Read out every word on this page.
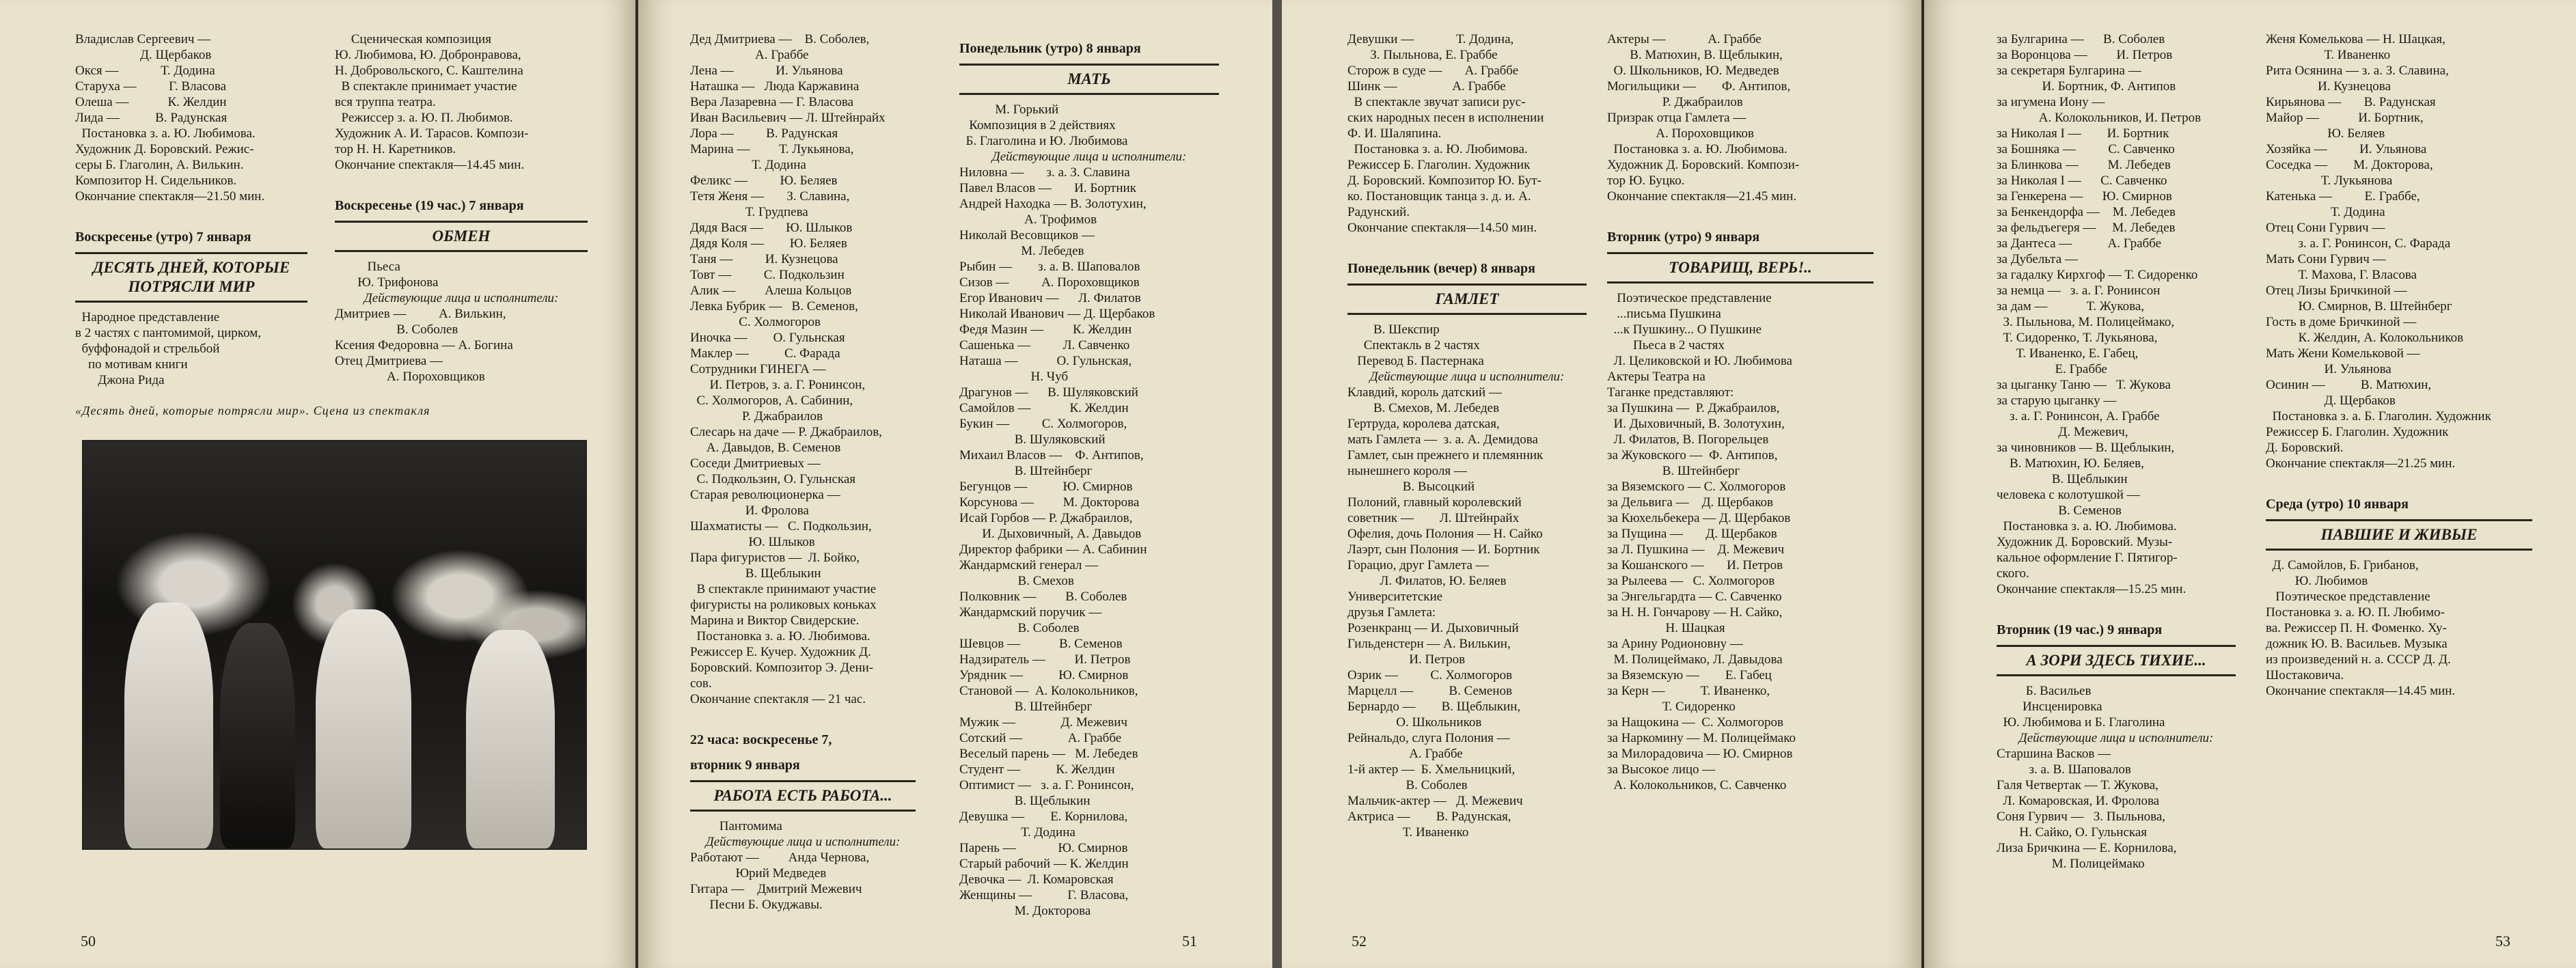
Владислав Сергеевич —
Д. Щербаков
Окся —             Т. Додина
Старуха —          Г. Власова
Олеша —            К. Желдин
Лида —           В. Радунская
Постановка з. а. Ю. Любимова.
Художник Д. Боровский. Режис-
серы Б. Глаголин, А. Вилькин.
Композитор Н. Сидельников.
Окончание спектакля—21.50 мин.
Воскресенье (утро) 7 января
ДЕСЯТЬ ДНЕЙ, КОТОРЫЕ ПОТРЯСЛИ МИР
Народное представление
в 2 частях с пантомимой, цирком,
буффонадой и стрельбой
по мотивам книги
Джона Рида
Сценическая композиция
Ю. Любимова, Ю. Добронравова,
Н. Добровольского, С. Каштелина
В спектакле принимает участие
вся труппа театра.
Режиссер з. а. Ю. П. Любимов.
Художник А. И. Тарасов. Компози-
тор Н. Н. Каретников.
Окончание спектакля—14.45 мин.
Воскресенье (19 час.) 7 января
ОБМЕН
Пьеса
Ю. Трифонова
Действующие лица и исполнители:
Дмитриев —          А. Вилькин,
В. Соболев
Ксения Федоровна — А. Богина
Отец Дмитриева —
А. Пороховщиков
«Десять дней, которые потрясли мир». Сцена из спектакля
50
Дед Дмитриева —    В. Соболев,
А. Граббе
Лена —             И. Ульянова
Наташка —   Люда Каржавина
Вера Лазаревна — Г. Власова
Иван Васильевич — Л. Штейнрайх
Лора —          В. Радунская
Марина —         Т. Лукьянова,
Т. Додина
Феликс —          Ю. Беляев
Тетя Женя —       З. Славина,
Т. Грудпева
Дядя Вася —       Ю. Шлыков
Дядя Коля —        Ю. Беляев
Таня —          И. Кузнецова
Товт —          С. Подкользин
Алик —         Алеша Кольцов
Левка Бубрик —   В. Семенов,
С. Холмогоров
Иночка —        О. Гульнская
Маклер —           С. Фарада
Сотрудники ГИНЕГА —
И. Петров, з. а. Г. Ронинсон,
С. Холмогоров, А. Сабинин,
Р. Джабраилов
Слесарь на даче — Р. Джабраилов,
А. Давыдов, В. Семенов
Соседи Дмитриевых —
С. Подкользин, О. Гульнская
Старая революционерка —
И. Фролова
Шахматисты —   С. Подкользин,
Ю. Шлыков
Пара фигуристов —  Л. Бойко,
В. Щеблыкин
В спектакле принимают участие
фигуристы на роликовых коньках
Марина и Виктор Свидерские.
Постановка з. а. Ю. Любимова.
Режиссер Е. Кучер. Художник Д.
Боровский. Композитор Э. Дени-
сов.
Окончание спектакля — 21 час.
22 часа: воскресенье 7,
вторник 9 января
РАБОТА ЕСТЬ РАБОТА...
Пантомима
Действующие лица и исполнители:
Работают —         Анда Чернова,
Юрий Медведев
Гитара —    Дмитрий Межевич
Песни Б. Окуджавы.
Понедельник (утро) 8 января
МАТЬ
М. Горький
Композиция в 2 действиях
Б. Глаголина и Ю. Любимова
Действующие лица и исполнители:
Ниловна —       з. а. З. Славина
Павел Власов —       И. Бортник
Андрей Находка — В. Золотухин,
А. Трофимов
Николай Весовщиков —
М. Лебедев
Рыбин —        з. а. В. Шаповалов
Сизов —          А. Пороховщиков
Егор Иванович —      Л. Филатов
Николай Иванович — Д. Щербаков
Федя Мазин —         К. Желдин
Сашенька —          Л. Савченко
Наташа —            О. Гульнская,
Н. Чуб
Драгунов —      В. Шуляковский
Самойлов —            К. Желдин
Букин —          С. Холмогоров,
В. Шуляковский
Михаил Власов —    Ф. Антипов,
В. Штейнберг
Бегунцов —           Ю. Смирнов
Корсунова —         М. Докторова
Исай Горбов — Р. Джабраилов,
И. Дыховичный, А. Давыдов
Директор фабрики — А. Сабинин
Жандармский генерал —
В. Смехов
Полковник —         В. Соболев
Жандармский поручик —
В. Соболев
Шевцов —            В. Семенов
Надзиратель —         И. Петров
Урядник —           Ю. Смирнов
Становой —  А. Колокольников,
В. Штейнберг
Мужик —              Д. Межевич
Сотский —              А. Граббе
Веселый парень —   М. Лебедев
Студент —           К. Желдин
Оптимист —   з. а. Г. Ронинсон,
В. Щеблыкин
Девушка —        Е. Корнилова,
Т. Додина
Парень —             Ю. Смирнов
Старый рабочий — К. Желдин
Девочка —  Л. Комаровская
Женщины —           Г. Власова,
М. Докторова
51
Девушки —             Т. Додина,
З. Пыльнова, Е. Граббе
Сторож в суде —       А. Граббе
Шинк —                 А. Граббе
В спектакле звучат записи рус-
ских народных песен в исполнении
Ф. И. Шаляпина.
Постановка з. а. Ю. Любимова.
Режиссер Б. Глаголин. Художник
Д. Боровский. Композитор Ю. Бут-
ко. Постановщик танца з. д. и. А.
Радунский.
Окончание спектакля—14.50 мин.
Понедельник (вечер) 8 января
ГАМЛЕТ
В. Шекспир
Спектакль в 2 частях
Перевод Б. Пастернака
Действующие лица и исполнители:
Клавдий, король датский —
В. Смехов, М. Лебедев
Гертруда, королева датская,
мать Гамлета —  з. а. А. Демидова
Гамлет, сын прежнего и племянник
нынешнего короля —
В. Высоцкий
Полоний, главный королевский
советник —        Л. Штейнрайх
Офелия, дочь Полония — Н. Сайко
Лаэрт, сын Полония — И. Бортник
Горацио, друг Гамлета —
Л. Филатов, Ю. Беляев
Университетские
друзья Гамлета:
Розенкранц — И. Дыховичный
Гильденстерн — А. Вилькин,
И. Петров
Озрик —          С. Холмогоров
Марцелл —           В. Семенов
Бернардо —        В. Щеблыкин,
О. Школьников
Рейнальдо, слуга Полония —
А. Граббе
1-й актер —  Б. Хмельницкий,
В. Соболев
Мальчик-актер —   Д. Межевич
Актриса —        В. Радунская,
Т. Иваненко
Актеры —             А. Граббе
В. Матюхин, В. Щеблыкин,
О. Школьников, Ю. Медведев
Могильщики —        Ф. Антипов,
Р. Джабраилов
Призрак отца Гамлета —
А. Пороховщиков
Постановка з. а. Ю. Любимова.
Художник Д. Боровский. Компози-
тор Ю. Буцко.
Окончание спектакля—21.45 мин.
Вторник (утро) 9 января
ТОВАРИЩ, ВЕРЬ!..
Поэтическое представление
...письма Пушкина
...к Пушкину... О Пушкине
Пьеса в 2 частях
Л. Целиковской и Ю. Любимова
Актеры Театра на
Таганке представляют:
за Пушкина —  Р. Джабраилов,
И. Дыховичный, В. Золотухин,
Л. Филатов, В. Погорельцев
за Жуковского —  Ф. Антипов,
В. Штейнберг
за Вяземского — С. Холмогоров
за Дельвига —    Д. Щербаков
за Кюхельбекера — Д. Щербаков
за Пущина —       Д. Щербаков
за Л. Пушкина —    Д. Межевич
за Кошанского —       И. Петров
за Рылеева —   С. Холмогоров
за Энгельгардта — С. Савченко
за Н. Н. Гончарову — Н. Сайко,
Н. Шацкая
за Арину Родионовну —
М. Полицеймако, Л. Давыдова
за Вяземскую —        Е. Габец
за Керн —           Т. Иваненко,
Т. Сидоренко
за Нащокина —  С. Холмогоров
за Наркомину — М. Полицеймако
за Милорадовича — Ю. Смирнов
за Высокое лицо —
А. Колокольников, С. Савченко
52
за Булгарина —      В. Соболев
за Воронцова —         И. Петров
за секретаря Булгарина —
И. Бортник, Ф. Антипов
за игумена Иону —
А. Колокольников, И. Петров
за Николая I —        И. Бортник
за Бошняка —          С. Савченко
за Блинкова —         М. Лебедев
за Николая I —      С. Савченко
за Генкерена —      Ю. Смирнов
за Бенкендорфа —    М. Лебедев
за фельдъегеря —     М. Лебедев
за Дантеса —           А. Граббе
за Дубельта —
за гадалку Кирхгоф — Т. Сидоренко
за немца —   з. а. Г. Ронинсон
за дам —            Т. Жукова,
З. Пыльнова, М. Полицеймако,
Т. Сидоренко, Т. Лукьянова,
Т. Иваненко, Е. Габец,
Е. Граббе
за цыганку Таню —   Т. Жукова
за старую цыганку —
з. а. Г. Ронинсон, А. Граббе
Д. Межевич,
за чиновников — В. Щеблыкин,
В. Матюхин, Ю. Беляев,
В. Щеблыкин
человека с колотушкой —
В. Семенов
Постановка з. а. Ю. Любимова.
Художник Д. Боровский. Музы-
кальное оформление Г. Пятигор-
ского.
Окончание спектакля—15.25 мин.
Вторник (19 час.) 9 января
А ЗОРИ ЗДЕСЬ ТИХИЕ...
Б. Васильев
Инсценировка
Ю. Любимова и Б. Глаголина
Действующие лица и исполнители:
Старшина Васков —
з. а. В. Шаповалов
Галя Четвертак — Т. Жукова,
Л. Комаровская, И. Фролова
Соня Гурвич —   З. Пыльнова,
Н. Сайко, О. Гульнская
Лиза Бричкина — Е. Корнилова,
М. Полицеймако
Женя Комелькова — Н. Шацкая,
Т. Иваненко
Рита Осянина — з. а. З. Славина,
И. Кузнецова
Кирьянова —       В. Радунская
Майор —            И. Бортник,
Ю. Беляев
Хозяйка —          И. Ульянова
Соседка —        М. Докторова,
Т. Лукьянова
Катенька —          Е. Граббе,
Т. Додина
Отец Сони Гурвич —
з. а. Г. Ронинсон, С. Фарада
Мать Сони Гурвич —
Т. Махова, Г. Власова
Отец Лизы Бричкиной —
Ю. Смирнов, В. Штейнберг
Гость в доме Бричкиной —
К. Желдин, А. Колокольников
Мать Жени Комельковой —
И. Ульянова
Осинин —           В. Матюхин,
Д. Щербаков
Постановка з. а. Б. Глаголин. Художник
Режиссер Б. Глаголин. Художник
Д. Боровский.
Окончание спектакля—21.25 мин.
Среда (утро) 10 января
ПАВШИЕ И ЖИВЫЕ
Д. Самойлов, Б. Грибанов,
Ю. Любимов
Поэтическое представление
Постановка з. а. Ю. П. Любимо-
ва. Режиссер П. Н. Фоменко. Ху-
дожник Ю. В. Васильев. Музыка
из произведений н. а. СССР Д. Д.
Шостаковича.
Окончание спектакля—14.45 мин.
53
